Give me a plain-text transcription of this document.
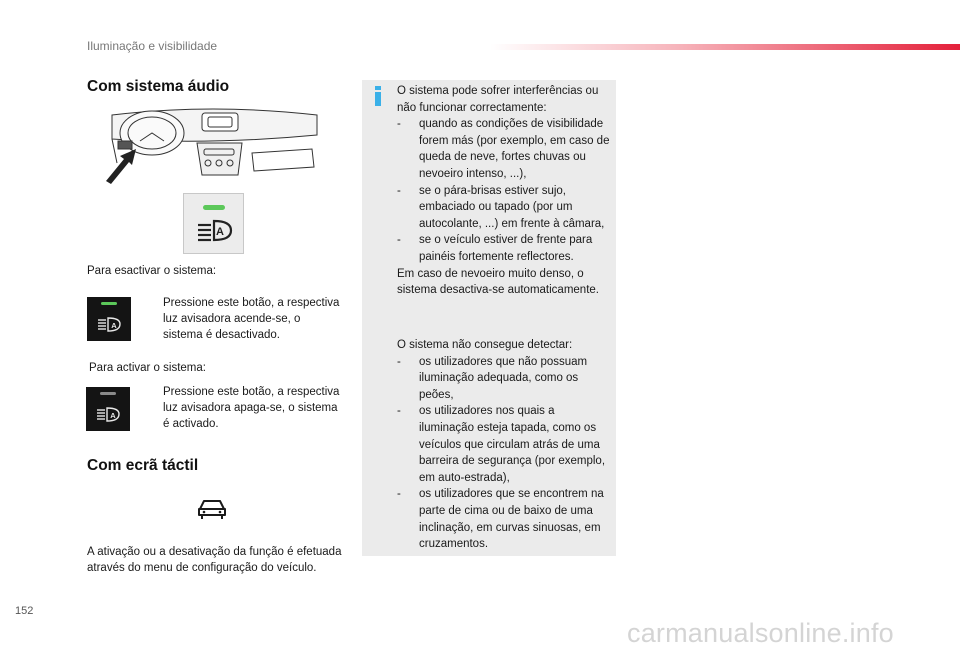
Iluminação e visibilidade
Com sistema áudio
A
Para esactivar o sistema:
A
Pressione este botão, a respectiva luz avisadora acende-se, o sistema é desactivado.
Para activar o sistema:
A
Pressione este botão, a respectiva luz avisadora apaga-se, o sistema é activado.
Com ecrã táctil
A ativação ou a desativação da função é efetuada através do menu de configuração do veículo.
O sistema pode sofrer interferências ou não funcionar correctamente:
-	quando as condições de visibilidade forem más (por exemplo, em caso de queda de neve, fortes chuvas ou nevoeiro intenso, ...),
-	se o pára-brisas estiver sujo, embaciado ou tapado (por um autocolante, ...) em frente à câmara,
-	se o veículo estiver de frente para painéis fortemente reflectores.
Em caso de nevoeiro muito denso, o sistema desactiva-se automaticamente.
O sistema não consegue detectar:
-	os utilizadores que não possuam iluminação adequada, como os peões,
-	os utilizadores nos quais a iluminação esteja tapada, como os veículos que circulam atrás de uma barreira de segurança (por exemplo, em auto-estrada),
-	os utilizadores que se encontrem na parte de cima ou de baixo de uma inclinação, em curvas sinuosas, em cruzamentos.
152
carmanualsonline.info
